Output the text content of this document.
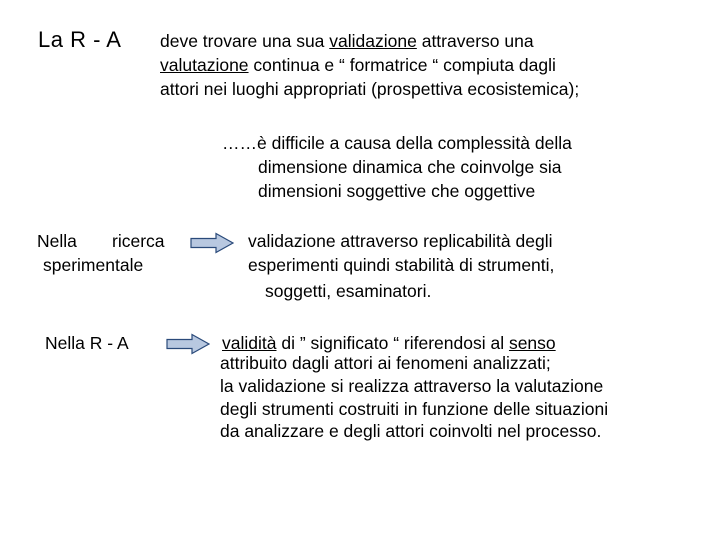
La R - A deve trovare una sua validazione attraverso una
valutazione continua e “ formatrice “ compiuta dagli
attori nei luoghi appropriati (prospettiva ecosistemica);
……è difficile a causa della complessità della
dimensione dinamica che coinvolge sia
dimensioni soggettive che oggettive
Nella ricerca
sperimentale
validazione attraverso replicabilità degli
esperimenti quindi stabilità di strumenti,
soggetti, esaminatori.
Nella R - A	validità di ” significato “ riferendosi al senso
attribuito dagli attori ai fenomeni analizzati;
la validazione si realizza attraverso la valutazione
degli strumenti costruiti in funzione delle situazioni
da analizzare e degli attori coinvolti nel processo.
